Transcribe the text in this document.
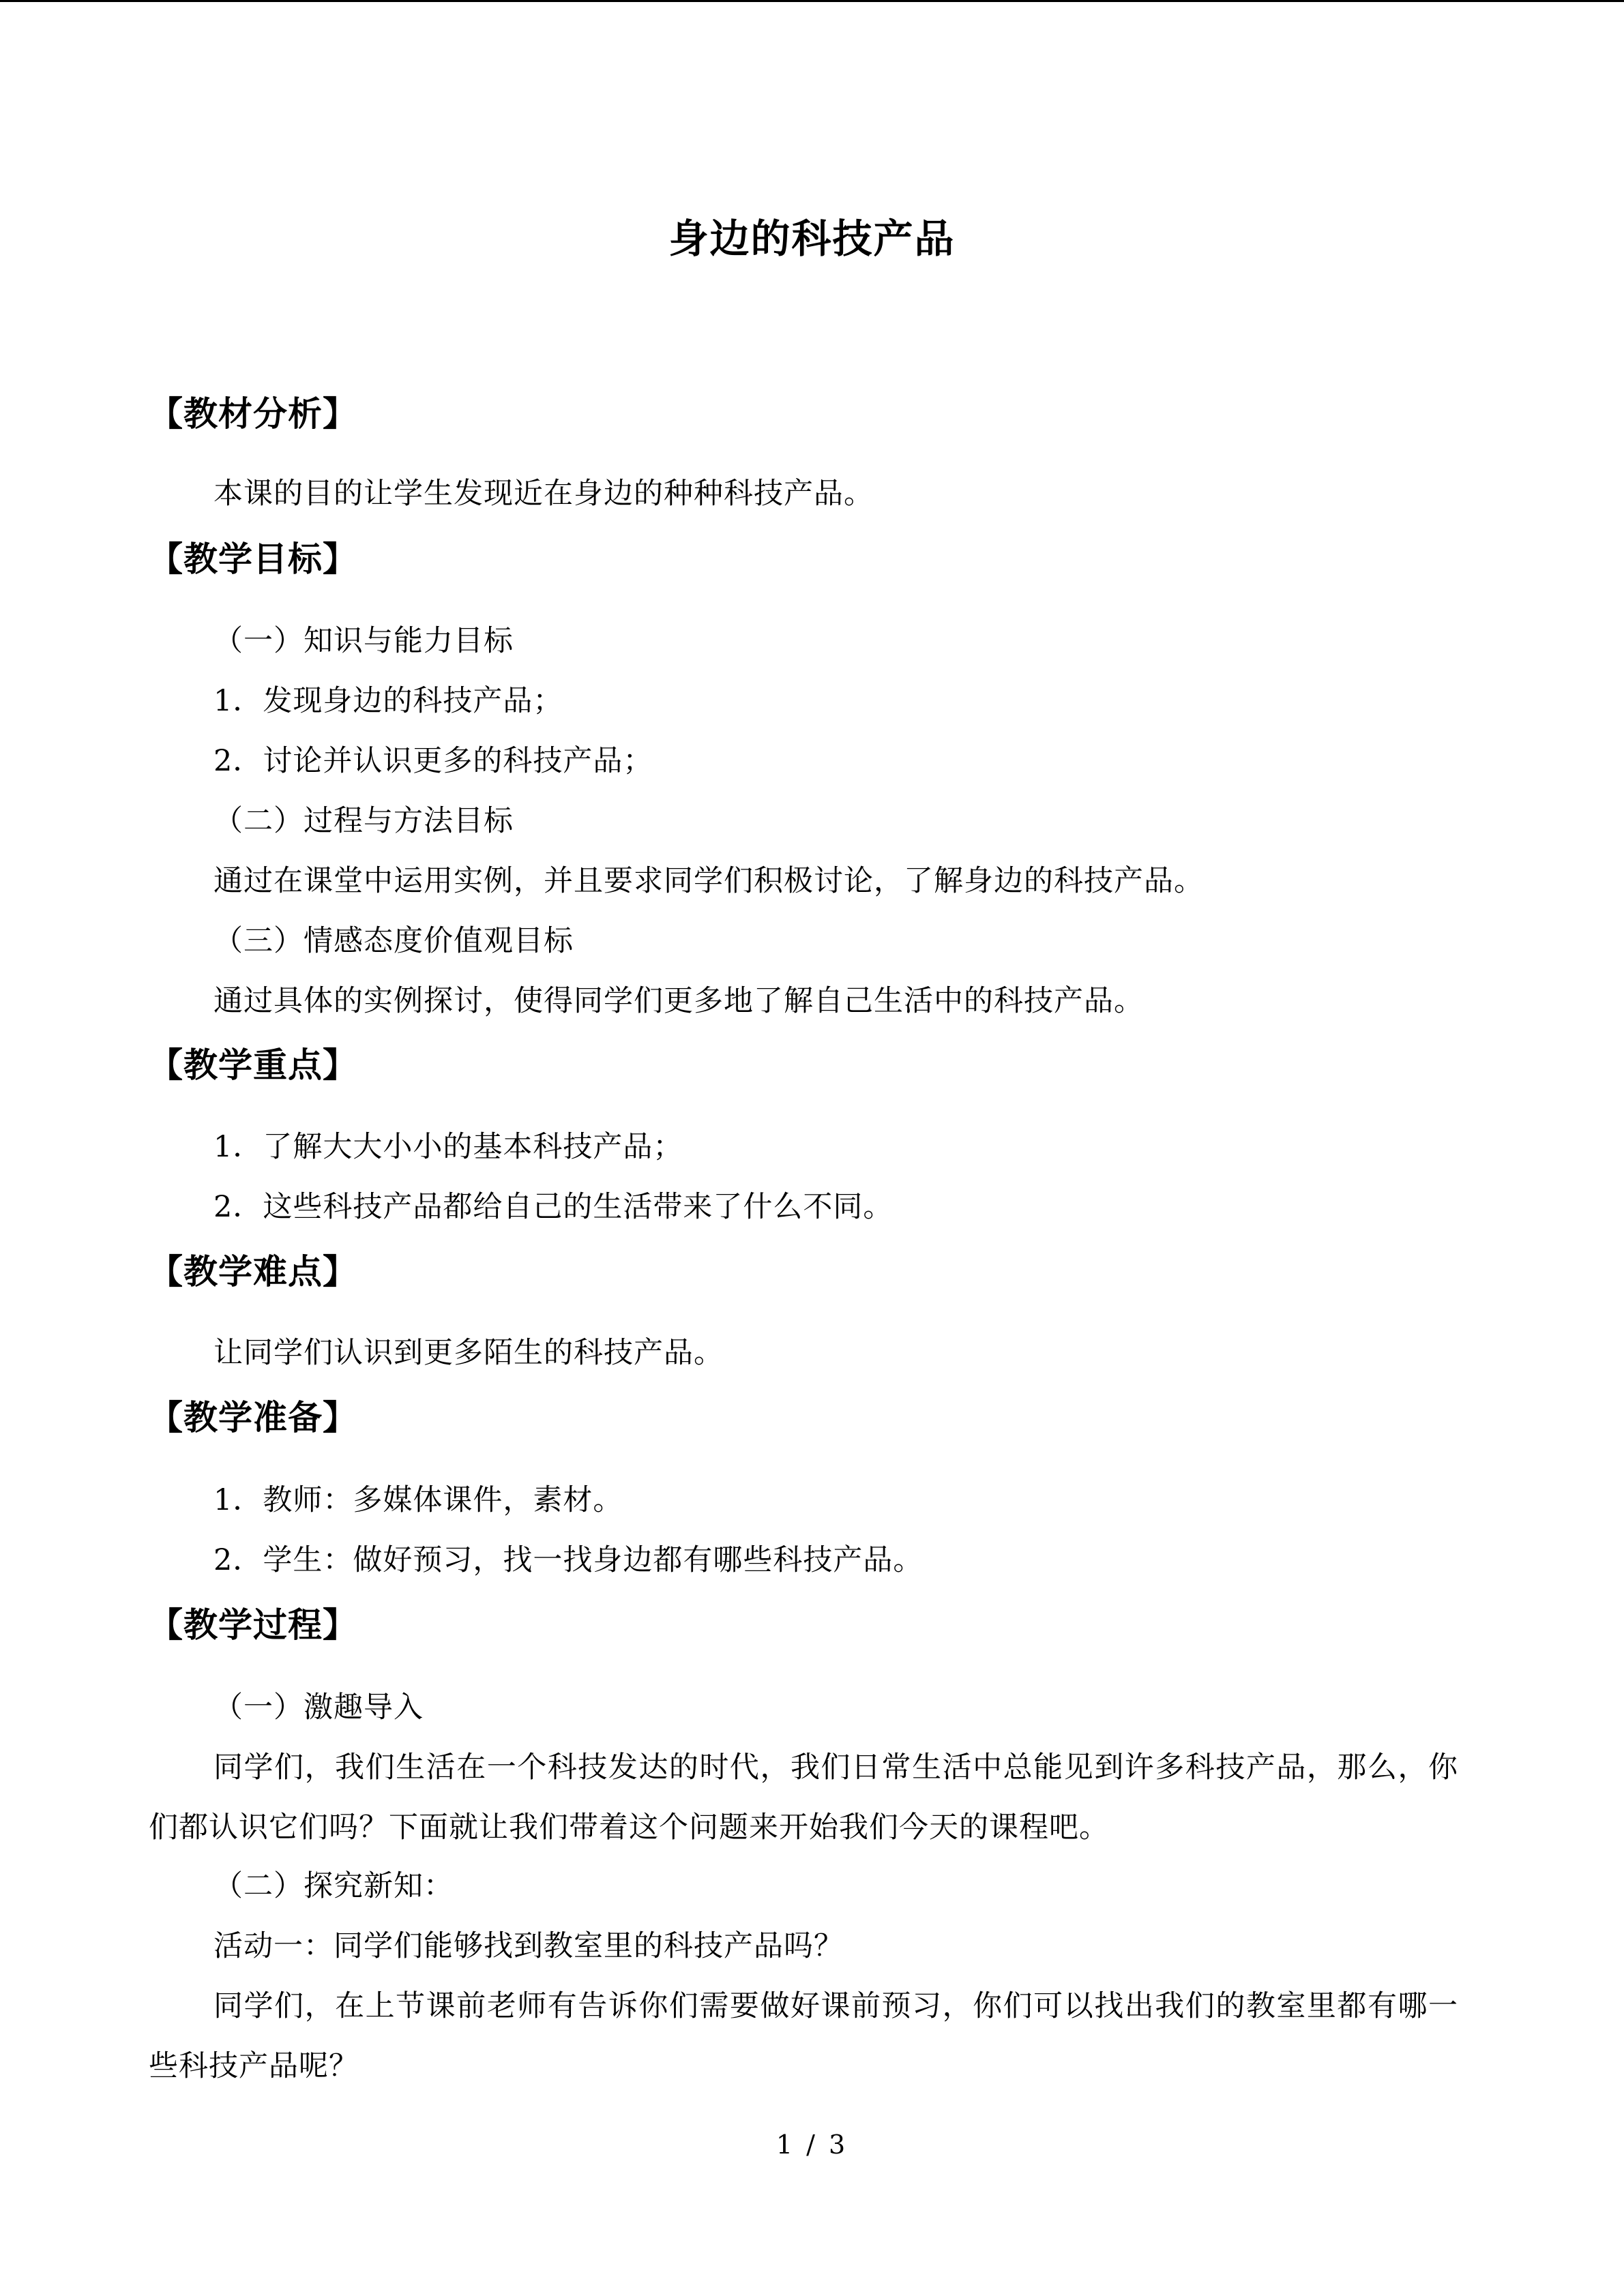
身边的科技产品
【教材分析】
本课的目的让学生发现近在身边的种种科技产品。
【教学目标】
（一）知识与能力目标
1．发现身边的科技产品；
2．讨论并认识更多的科技产品；
（二）过程与方法目标
通过在课堂中运用实例，并且要求同学们积极讨论，了解身边的科技产品。
（三）情感态度价值观目标
通过具体的实例探讨，使得同学们更多地了解自己生活中的科技产品。
【教学重点】
1．了解大大小小的基本科技产品；
2．这些科技产品都给自己的生活带来了什么不同。
【教学难点】
让同学们认识到更多陌生的科技产品。
【教学准备】
1．教师：多媒体课件，素材。
2．学生：做好预习，找一找身边都有哪些科技产品。
【教学过程】
（一）激趣导入
同学们，我们生活在一个科技发达的时代，我们日常生活中总能见到许多科技产品，那么，你们都认识它们吗？下面就让我们带着这个问题来开始我们今天的课程吧。
（二）探究新知：
活动一：同学们能够找到教室里的科技产品吗？
同学们，在上节课前老师有告诉你们需要做好课前预习，你们可以找出我们的教室里都有哪一些科技产品呢？
1 / 3
